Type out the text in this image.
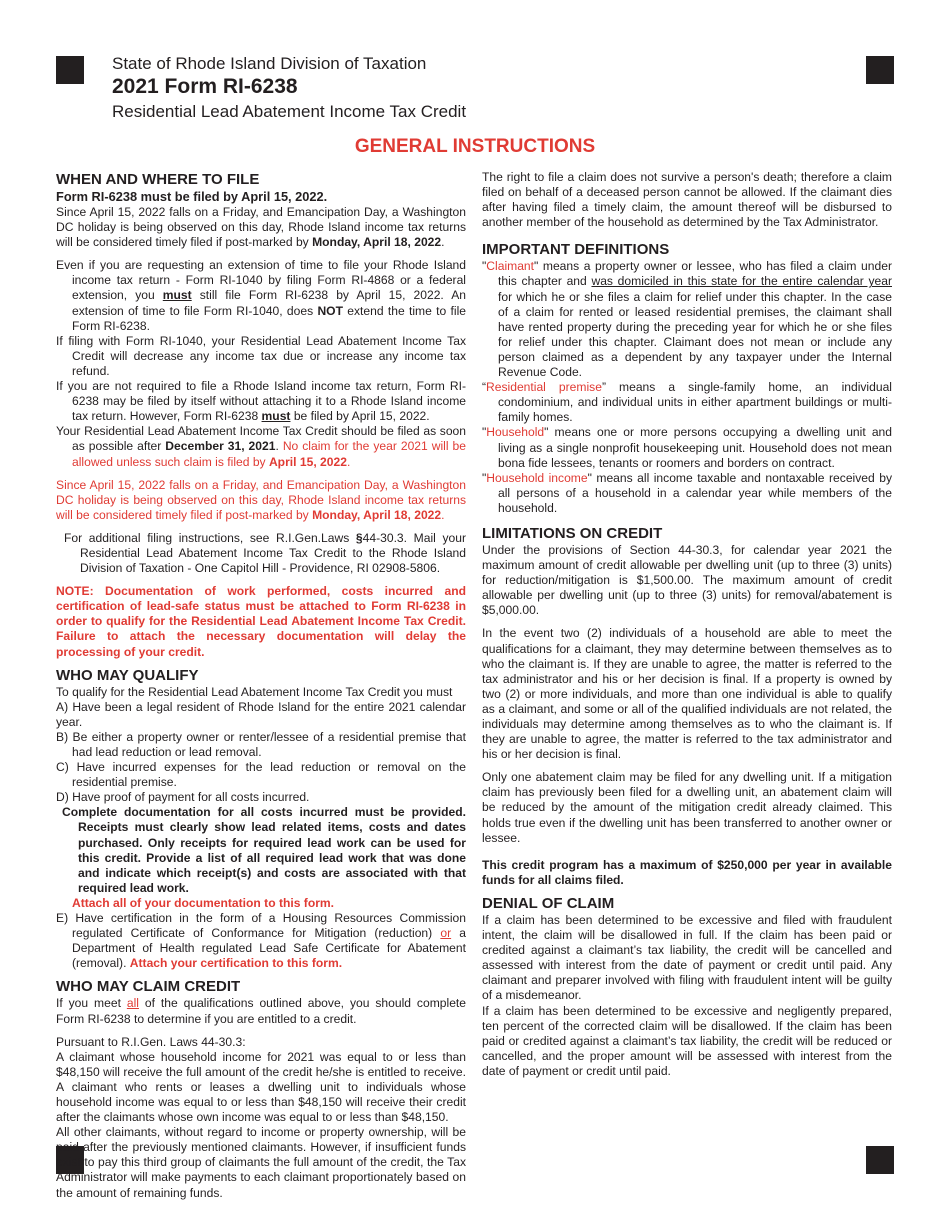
State of Rhode Island Division of Taxation
2021 Form RI-6238
Residential Lead Abatement Income Tax Credit
GENERAL INSTRUCTIONS
WHEN AND WHERE TO FILE
Form RI-6238 must be filed by April 15, 2022.

Since April 15, 2022 falls on a Friday, and Emancipation Day, a Washington DC holiday is being observed on this day, Rhode Island income tax returns will be considered timely filed if post-marked by Monday, April 18, 2022.

Even if you are requesting an extension of time to file your Rhode Island income tax return - Form RI-1040 by filing Form RI-4868 or a federal extension, you must still file Form RI-6238 by April 15, 2022. An extension of time to file Form RI-1040, does NOT extend the time to file Form RI-6238.

If filing with Form RI-1040, your Residential Lead Abatement Income Tax Credit will decrease any income tax due or increase any income tax refund.

If you are not required to file a Rhode Island income tax return, Form RI-6238 may be filed by itself without attaching it to a Rhode Island income tax return. However, Form RI-6238 must be filed by April 15, 2022.

Your Residential Lead Abatement Income Tax Credit should be filed as soon as possible after December 31, 2021. No claim for the year 2021 will be allowed unless such claim is filed by April 15, 2022.

Since April 15, 2022 falls on a Friday, and Emancipation Day, a Washington DC holiday is being observed on this day, Rhode Island income tax returns will be considered timely filed if post-marked by Monday, April 18, 2022.

For additional filing instructions, see R.I.Gen.Laws §44-30.3. Mail your Residential Lead Abatement Income Tax Credit to the Rhode Island Division of Taxation - One Capitol Hill - Providence, RI 02908-5806.

NOTE: Documentation of work performed, costs incurred and certification of lead-safe status must be attached to Form RI-6238 in order to qualify for the Residential Lead Abatement Income Tax Credit. Failure to attach the necessary documentation will delay the processing of your credit.

WHO MAY QUALIFY

To qualify for the Residential Lead Abatement Income Tax Credit you must

A) Have been a legal resident of Rhode Island for the entire 2021 calendar year.

B) Be either a property owner or renter/lessee of a residential premise that had lead reduction or lead removal.

C) Have incurred expenses for the lead reduction or removal on the residential premise.

D) Have proof of payment for all costs incurred.

Complete documentation for all costs incurred must be provided. Receipts must clearly show lead related items, costs and dates purchased. Only receipts for required lead work can be used for this credit. Provide a list of all required lead work that was done and indicate which receipt(s) and costs are associated with that required lead work.

Attach all of your documentation to this form.

E) Have certification in the form of a Housing Resources Commission regulated Certificate of Conformance for Mitigation (reduction) or a Department of Health regulated Lead Safe Certificate for Abatement (removal). Attach your certification to this form.

WHO MAY CLAIM CREDIT

If you meet all of the qualifications outlined above, you should complete Form RI-6238 to determine if you are entitled to a credit.

Pursuant to R.I.Gen. Laws 44-30.3:

A claimant whose household income for 2021 was equal to or less than $48,150 will receive the full amount of the credit he/she is entitled to receive. A claimant who rents or leases a dwelling unit to individuals whose household income was equal to or less than $48,150 will receive their credit after the claimants whose own income was equal to or less than $48,150.

All other claimants, without regard to income or property ownership, will be paid after the previously mentioned claimants. However, if insufficient funds exist to pay this third group of claimants the full amount of the credit, the Tax Administrator will make payments to each claimant proportionately based on the amount of remaining funds.

The right to file a claim does not survive a person's death; therefore a claim filed on behalf of a deceased person cannot be allowed. If the claimant dies after having filed a timely claim, the amount thereof will be disbursed to another member of the household as determined by the Tax Administrator.

IMPORTANT DEFINITIONS

"Claimant" means a property owner or lessee, who has filed a claim under this chapter and was domiciled in this state for the entire calendar year for which he or she files a claim for relief under this chapter. In the case of a claim for rented or leased residential premises, the claimant shall have rented property during the preceding year for which he or she files for relief under this chapter. Claimant does not mean or include any person claimed as a dependent by any taxpayer under the Internal Revenue Code.

“Residential premise” means a single-family home, an individual condominium, and individual units in either apartment buildings or multi-family homes.

"Household" means one or more persons occupying a dwelling unit and living as a single nonprofit housekeeping unit. Household does not mean bona fide lessees, tenants or roomers and borders on contract.

"Household income" means all income taxable and nontaxable received by all persons of a household in a calendar year while members of the household.

LIMITATIONS ON CREDIT

Under the provisions of Section 44-30.3, for calendar year 2021 the maximum amount of credit allowable per dwelling unit (up to three (3) units) for reduction/mitigation is $1,500.00. The maximum amount of credit allowable per dwelling unit (up to three (3) units) for removal/abatement is $5,000.00.

In the event two (2) individuals of a household are able to meet the qualifications for a claimant, they may determine between themselves as to who the claimant is. If they are unable to agree, the matter is referred to the tax administrator and his or her decision is final. If a property is owned by two (2) or more individuals, and more than one individual is able to qualify as a claimant, and some or all of the qualified individuals are not related, the individuals may determine among themselves as to who the claimant is. If they are unable to agree, the matter is referred to the tax administrator and his or her decision is final.

Only one abatement claim may be filed for any dwelling unit. If a mitigation claim has previously been filed for a dwelling unit, an abatement claim will be reduced by the amount of the mitigation credit already claimed. This holds true even if the dwelling unit has been transferred to another owner or lessee.

This credit program has a maximum of $250,000 per year in available funds for all claims filed.

DENIAL OF CLAIM

If a claim has been determined to be excessive and filed with fraudulent intent, the claim will be disallowed in full. If the claim has been paid or credited against a claimant’s tax liability, the credit will be cancelled and assessed with interest from the date of payment or credit until paid. Any claimant and preparer involved with filing with fraudulent intent will be guilty of a misdemeanor.

If a claim has been determined to be excessive and negligently prepared, ten percent of the corrected claim will be disallowed. If the claim has been paid or credited against a claimant’s tax liability, the credit will be reduced or cancelled, and the proper amount will be assessed with interest from the date of payment or credit until paid.
